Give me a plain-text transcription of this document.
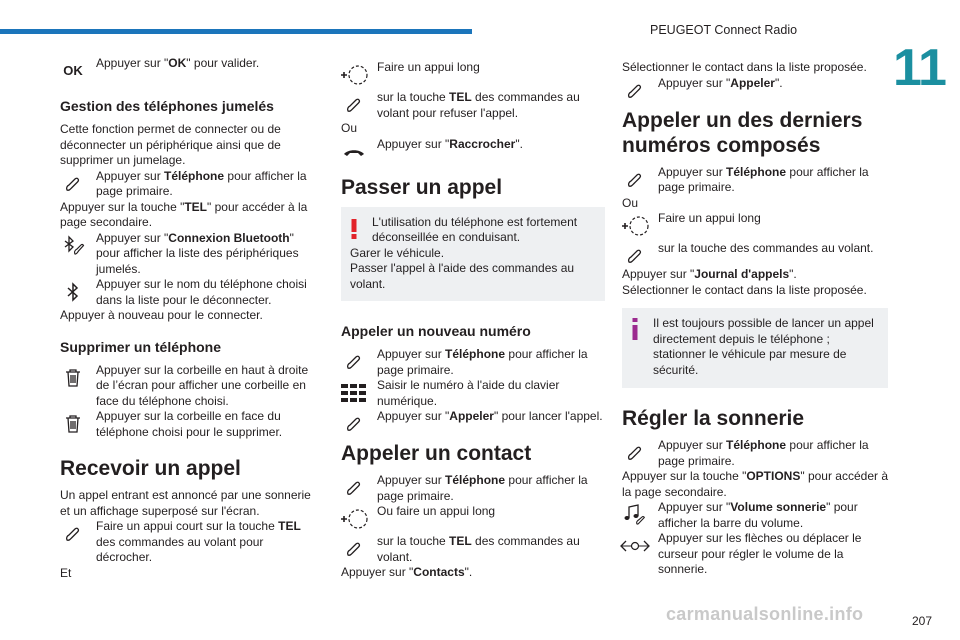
PEUGEOT Connect Radio
11
OK
Appuyer sur "OK" pour valider.
Gestion des téléphones jumelés

Cette fonction permet de connecter ou de déconnecter un périphérique ainsi que de supprimer un jumelage.

Appuyer sur Téléphone pour afficher la page primaire.

Appuyer sur la touche "TEL" pour accéder à la page secondaire.

Appuyer sur "Connexion Bluetooth" pour afficher la liste des périphériques jumelés.
Appuyer sur le nom du téléphone choisi dans la liste pour le déconnecter.

Appuyer à nouveau pour le connecter.

Supprimer un téléphone
Appuyer sur la corbeille en haut à droite de l’écran pour afficher une corbeille en face du téléphone choisi.
Appuyer sur la corbeille en face du téléphone choisi pour le supprimer.
Recevoir un appel

Un appel entrant est annoncé par une sonnerie et un affichage superposé sur l'écran.

Faire un appui court sur la touche TEL des commandes au volant pour décrocher.

Et

Faire un appui long
sur la touche TEL des commandes au volant pour refuser l'appel.

Ou

Appuyer sur "Raccrocher".
Passer un appel
L'utilisation du téléphone est fortement déconseillée en conduisant.
Garer le véhicule.
Passer l'appel à l'aide des commandes au volant.
Appeler un nouveau numéro
Appuyer sur Téléphone pour afficher la page primaire.
Saisir le numéro à l'aide du clavier numérique.
Appuyer sur "Appeler" pour lancer l'appel.
Appeler un contact
Appuyer sur Téléphone pour afficher la page primaire.
Ou faire un appui long
sur la touche TEL des commandes au volant.

Appuyer sur "Contacts".

Sélectionner le contact dans la liste proposée.

Appuyer sur "Appeler".
Appeler un des derniers numéros composés
Appuyer sur Téléphone pour afficher la page primaire.

Ou

Faire un appui long
sur la touche des commandes au volant.

Appuyer sur "Journal d'appels".

Sélectionner le contact dans la liste proposée.

Il est toujours possible de lancer un appel directement depuis le téléphone ; stationner le véhicule par mesure de sécurité.
Régler la sonnerie
Appuyer sur Téléphone pour afficher la page primaire.

Appuyer sur la touche "OPTIONS" pour accéder à la page secondaire.

Appuyer sur "Volume sonnerie" pour afficher la barre du volume.
Appuyer sur les flèches ou déplacer le curseur pour régler le volume de la sonnerie.
carmanualsonline.info	207
